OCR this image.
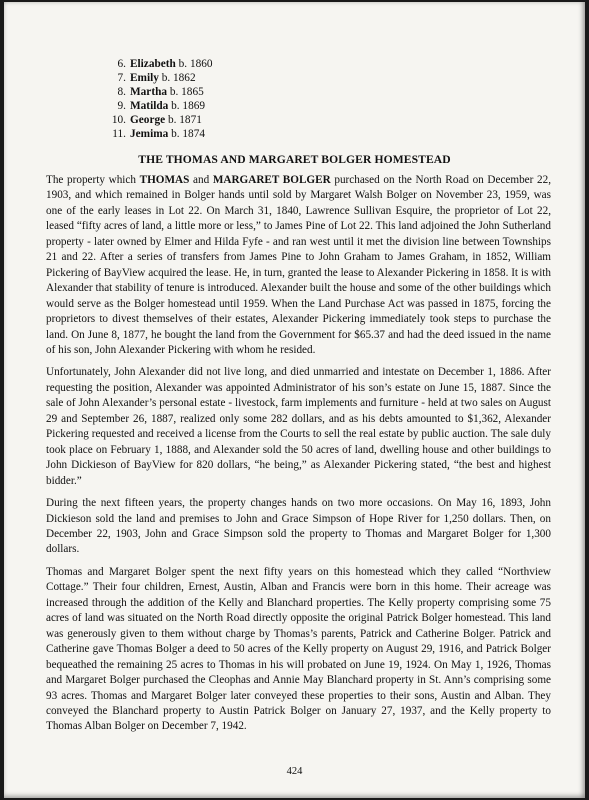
6. Elizabeth b. 1860
7. Emily b. 1862
8. Martha b. 1865
9. Matilda b. 1869
10. George b. 1871
11. Jemima b. 1874
THE THOMAS AND MARGARET BOLGER HOMESTEAD

The property which THOMAS and MARGARET BOLGER purchased on the North Road on December 22, 1903, and which remained in Bolger hands until sold by Margaret Walsh Bolger on November 23, 1959, was one of the early leases in Lot 22. On March 31, 1840, Lawrence Sullivan Esquire, the proprietor of Lot 22, leased “fifty acres of land, a little more or less,” to James Pine of Lot 22. This land adjoined the John Sutherland property - later owned by Elmer and Hilda Fyfe - and ran west until it met the division line between Townships 21 and 22. After a series of transfers from James Pine to John Graham to James Graham, in 1852, William Pickering of BayView acquired the lease. He, in turn, granted the lease to Alexander Pickering in 1858. It is with Alexander that stability of tenure is introduced. Alexander built the house and some of the other buildings which would serve as the Bolger homestead until 1959. When the Land Purchase Act was passed in 1875, forcing the proprietors to divest themselves of their estates, Alexander Pickering immediately took steps to purchase the land. On June 8, 1877, he bought the land from the Government for $65.37 and had the deed issued in the name of his son, John Alexander Pickering with whom he resided.

Unfortunately, John Alexander did not live long, and died unmarried and intestate on December 1, 1886. After requesting the position, Alexander was appointed Administrator of his son’s estate on June 15, 1887. Since the sale of John Alexander’s personal estate - livestock, farm implements and furniture - held at two sales on August 29 and September 26, 1887, realized only some 282 dollars, and as his debts amounted to $1,362, Alexander Pickering requested and received a license from the Courts to sell the real estate by public auction. The sale duly took place on February 1, 1888, and Alexander sold the 50 acres of land, dwelling house and other buildings to John Dickieson of BayView for 820 dollars, “he being,” as Alexander Pickering stated, “the best and highest bidder.”

During the next fifteen years, the property changes hands on two more occasions. On May 16, 1893, John Dickieson sold the land and premises to John and Grace Simpson of Hope River for 1,250 dollars. Then, on December 22, 1903, John and Grace Simpson sold the property to Thomas and Margaret Bolger for 1,300 dollars.

Thomas and Margaret Bolger spent the next fifty years on this homestead which they called “Northview Cottage.” Their four children, Ernest, Austin, Alban and Francis were born in this home. Their acreage was increased through the addition of the Kelly and Blanchard properties. The Kelly property comprising some 75 acres of land was situated on the North Road directly opposite the original Patrick Bolger homestead. This land was generously given to them without charge by Thomas’s parents, Patrick and Catherine Bolger. Patrick and Catherine gave Thomas Bolger a deed to 50 acres of the Kelly property on August 29, 1916, and Patrick Bolger bequeathed the remaining 25 acres to Thomas in his will probated on June 19, 1924. On May 1, 1926, Thomas and Margaret Bolger purchased the Cleophas and Annie May Blanchard property in St. Ann’s comprising some 93 acres. Thomas and Margaret Bolger later conveyed these properties to their sons, Austin and Alban. They conveyed the Blanchard property to Austin Patrick Bolger on January 27, 1937, and the Kelly property to Thomas Alban Bolger on December 7, 1942.

424
